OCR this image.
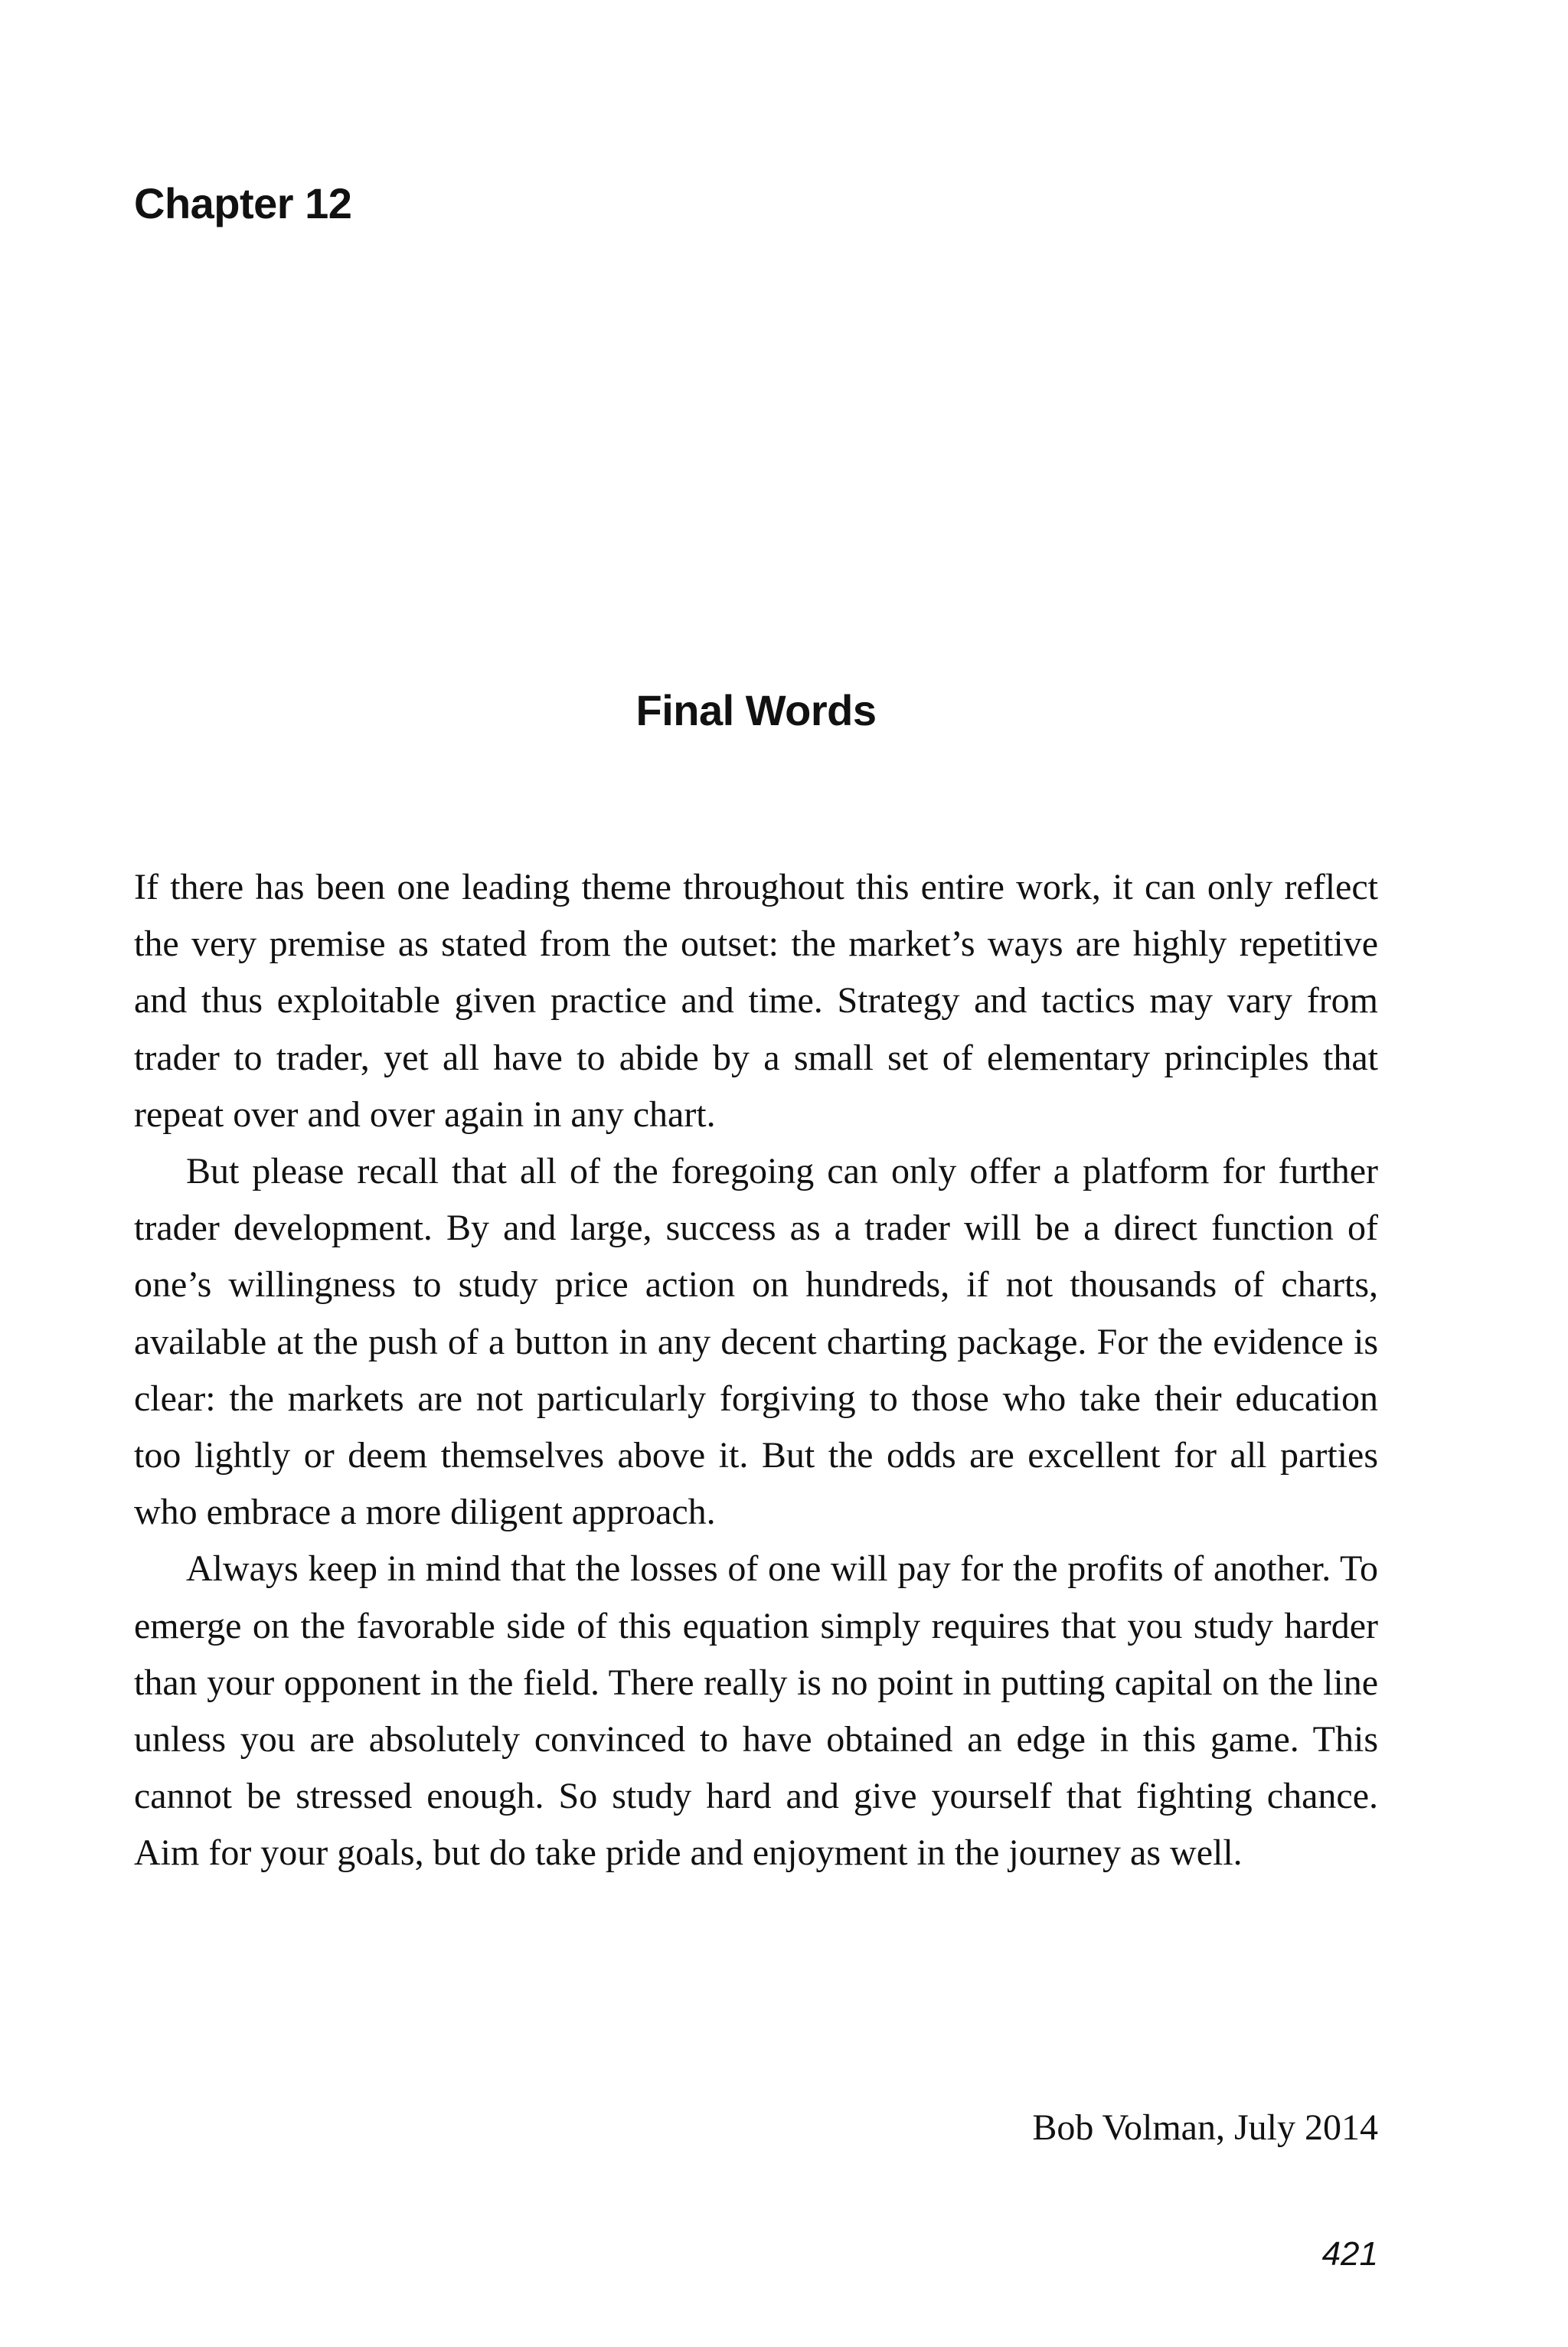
Chapter 12
Final Words

If there has been one leading theme throughout this entire work, it can only reflect the very premise as stated from the outset: the market’s ways are highly repetitive and thus exploitable given practice and time. Strategy and tactics may vary from trader to trader, yet all have to abide by a small set of elementary principles that repeat over and over again in any chart.

But please recall that all of the foregoing can only offer a platform for further trader development. By and large, success as a trader will be a direct function of one’s willingness to study price action on hundreds, if not thousands of charts, available at the push of a button in any decent charting package. For the evidence is clear: the markets are not particularly forgiving to those who take their education too lightly or deem themselves above it. But the odds are excellent for all parties who embrace a more diligent approach.

Always keep in mind that the losses of one will pay for the profits of another. To emerge on the favorable side of this equation simply requires that you study harder than your opponent in the field. There really is no point in putting capital on the line unless you are absolutely convinced to have obtained an edge in this game. This cannot be stressed enough. So study hard and give yourself that fighting chance. Aim for your goals, but do take pride and enjoyment in the journey as well.

Bob Volman, July 2014

421
